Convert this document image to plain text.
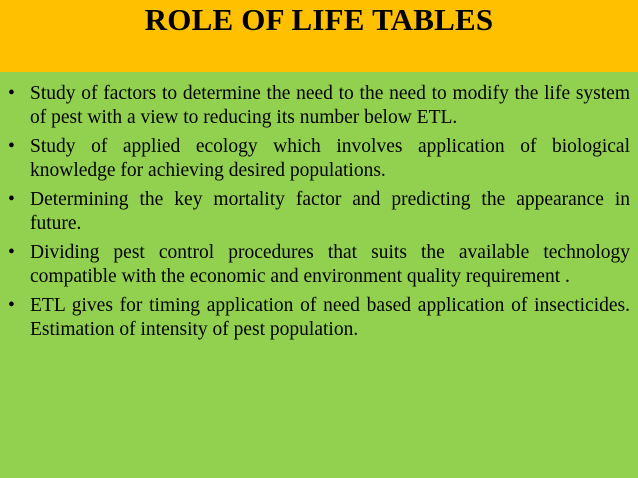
ROLE OF LIFE TABLES
• Study of factors to determine the need to the need to modify the life system of pest with a view to reducing its number below ETL.
• Study of applied ecology which involves application of biological knowledge for achieving desired populations.
• Determining the key mortality factor and predicting the appearance in future.
• Dividing pest control procedures that suits the available technology compatible with the economic and environment quality requirement .
• ETL gives for timing application of need based application of insecticides. Estimation of intensity of pest population.
